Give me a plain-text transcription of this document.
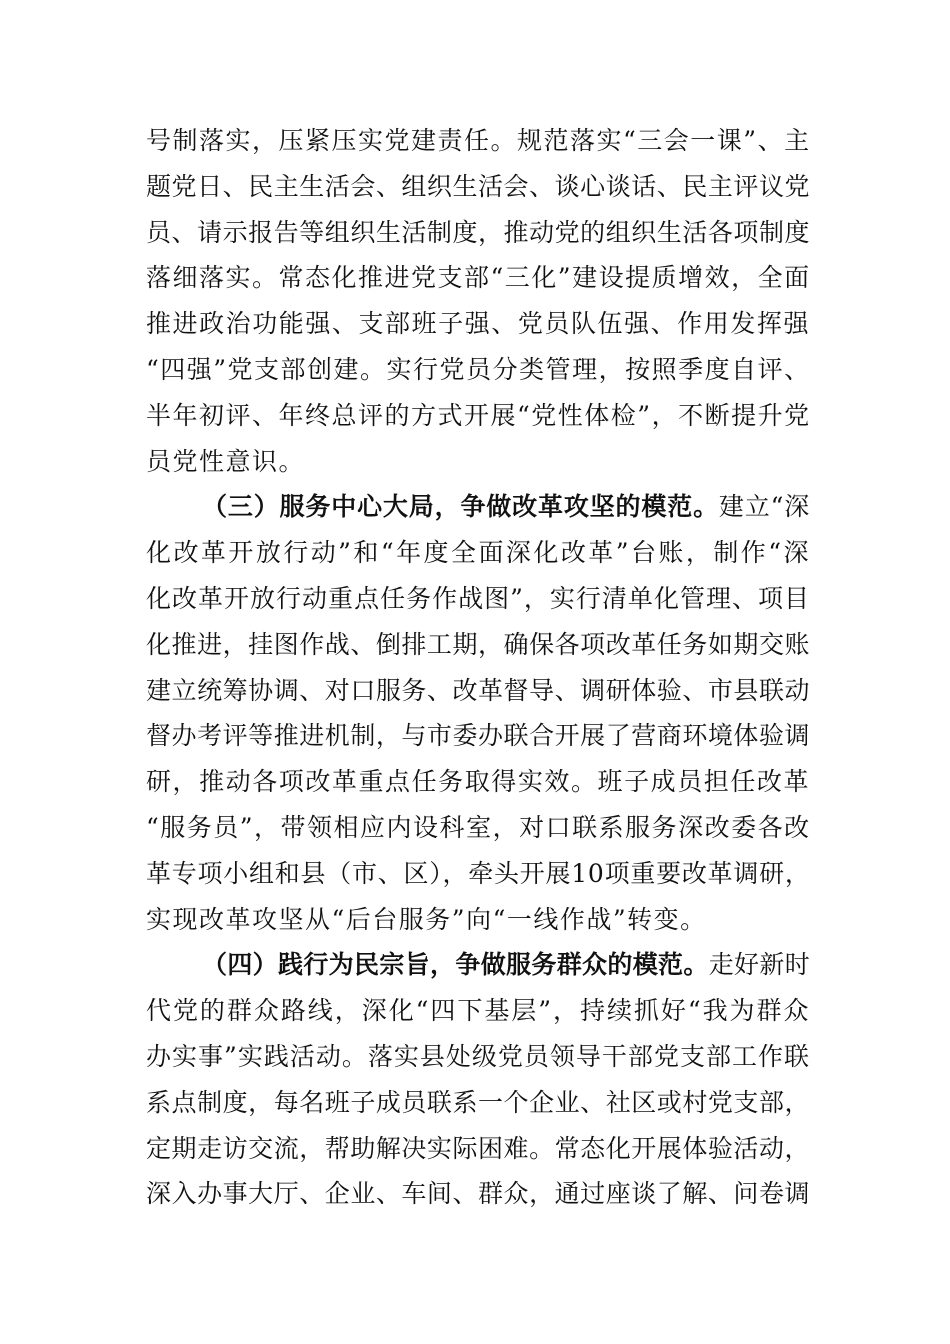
号制落实，压紧压实党建责任。规范落实“三会一课”、主
题党日、民主生活会、组织生活会、谈心谈话、民主评议党
员、请示报告等组织生活制度，推动党的组织生活各项制度
落细落实。常态化推进党支部“三化”建设提质增效，全面
推进政治功能强、支部班子强、党员队伍强、作用发挥强
“四强”党支部创建。实行党员分类管理，按照季度自评、
半年初评、年终总评的方式开展“党性体检”，不断提升党
员党性意识。
（三）服务中心大局，争做改革攻坚的模范。建立“深
化改革开放行动”和“年度全面深化改革”台账，制作“深
化改革开放行动重点任务作战图”，实行清单化管理、项目
化推进，挂图作战、倒排工期，确保各项改革任务如期交账
建立统筹协调、对口服务、改革督导、调研体验、市县联动
督办考评等推进机制，与市委办联合开展了营商环境体验调
研，推动各项改革重点任务取得实效。班子成员担任改革
“服务员”，带领相应内设科室，对口联系服务深改委各改
革专项小组和县（市、区），牵头开展10项重要改革调研，
实现改革攻坚从“后台服务”向“一线作战”转变。
（四）践行为民宗旨，争做服务群众的模范。走好新时
代党的群众路线，深化“四下基层”，持续抓好“我为群众
办实事”实践活动。落实县处级党员领导干部党支部工作联
系点制度，每名班子成员联系一个企业、社区或村党支部，
定期走访交流，帮助解决实际困难。常态化开展体验活动，
深入办事大厅、企业、车间、群众，通过座谈了解、问卷调
